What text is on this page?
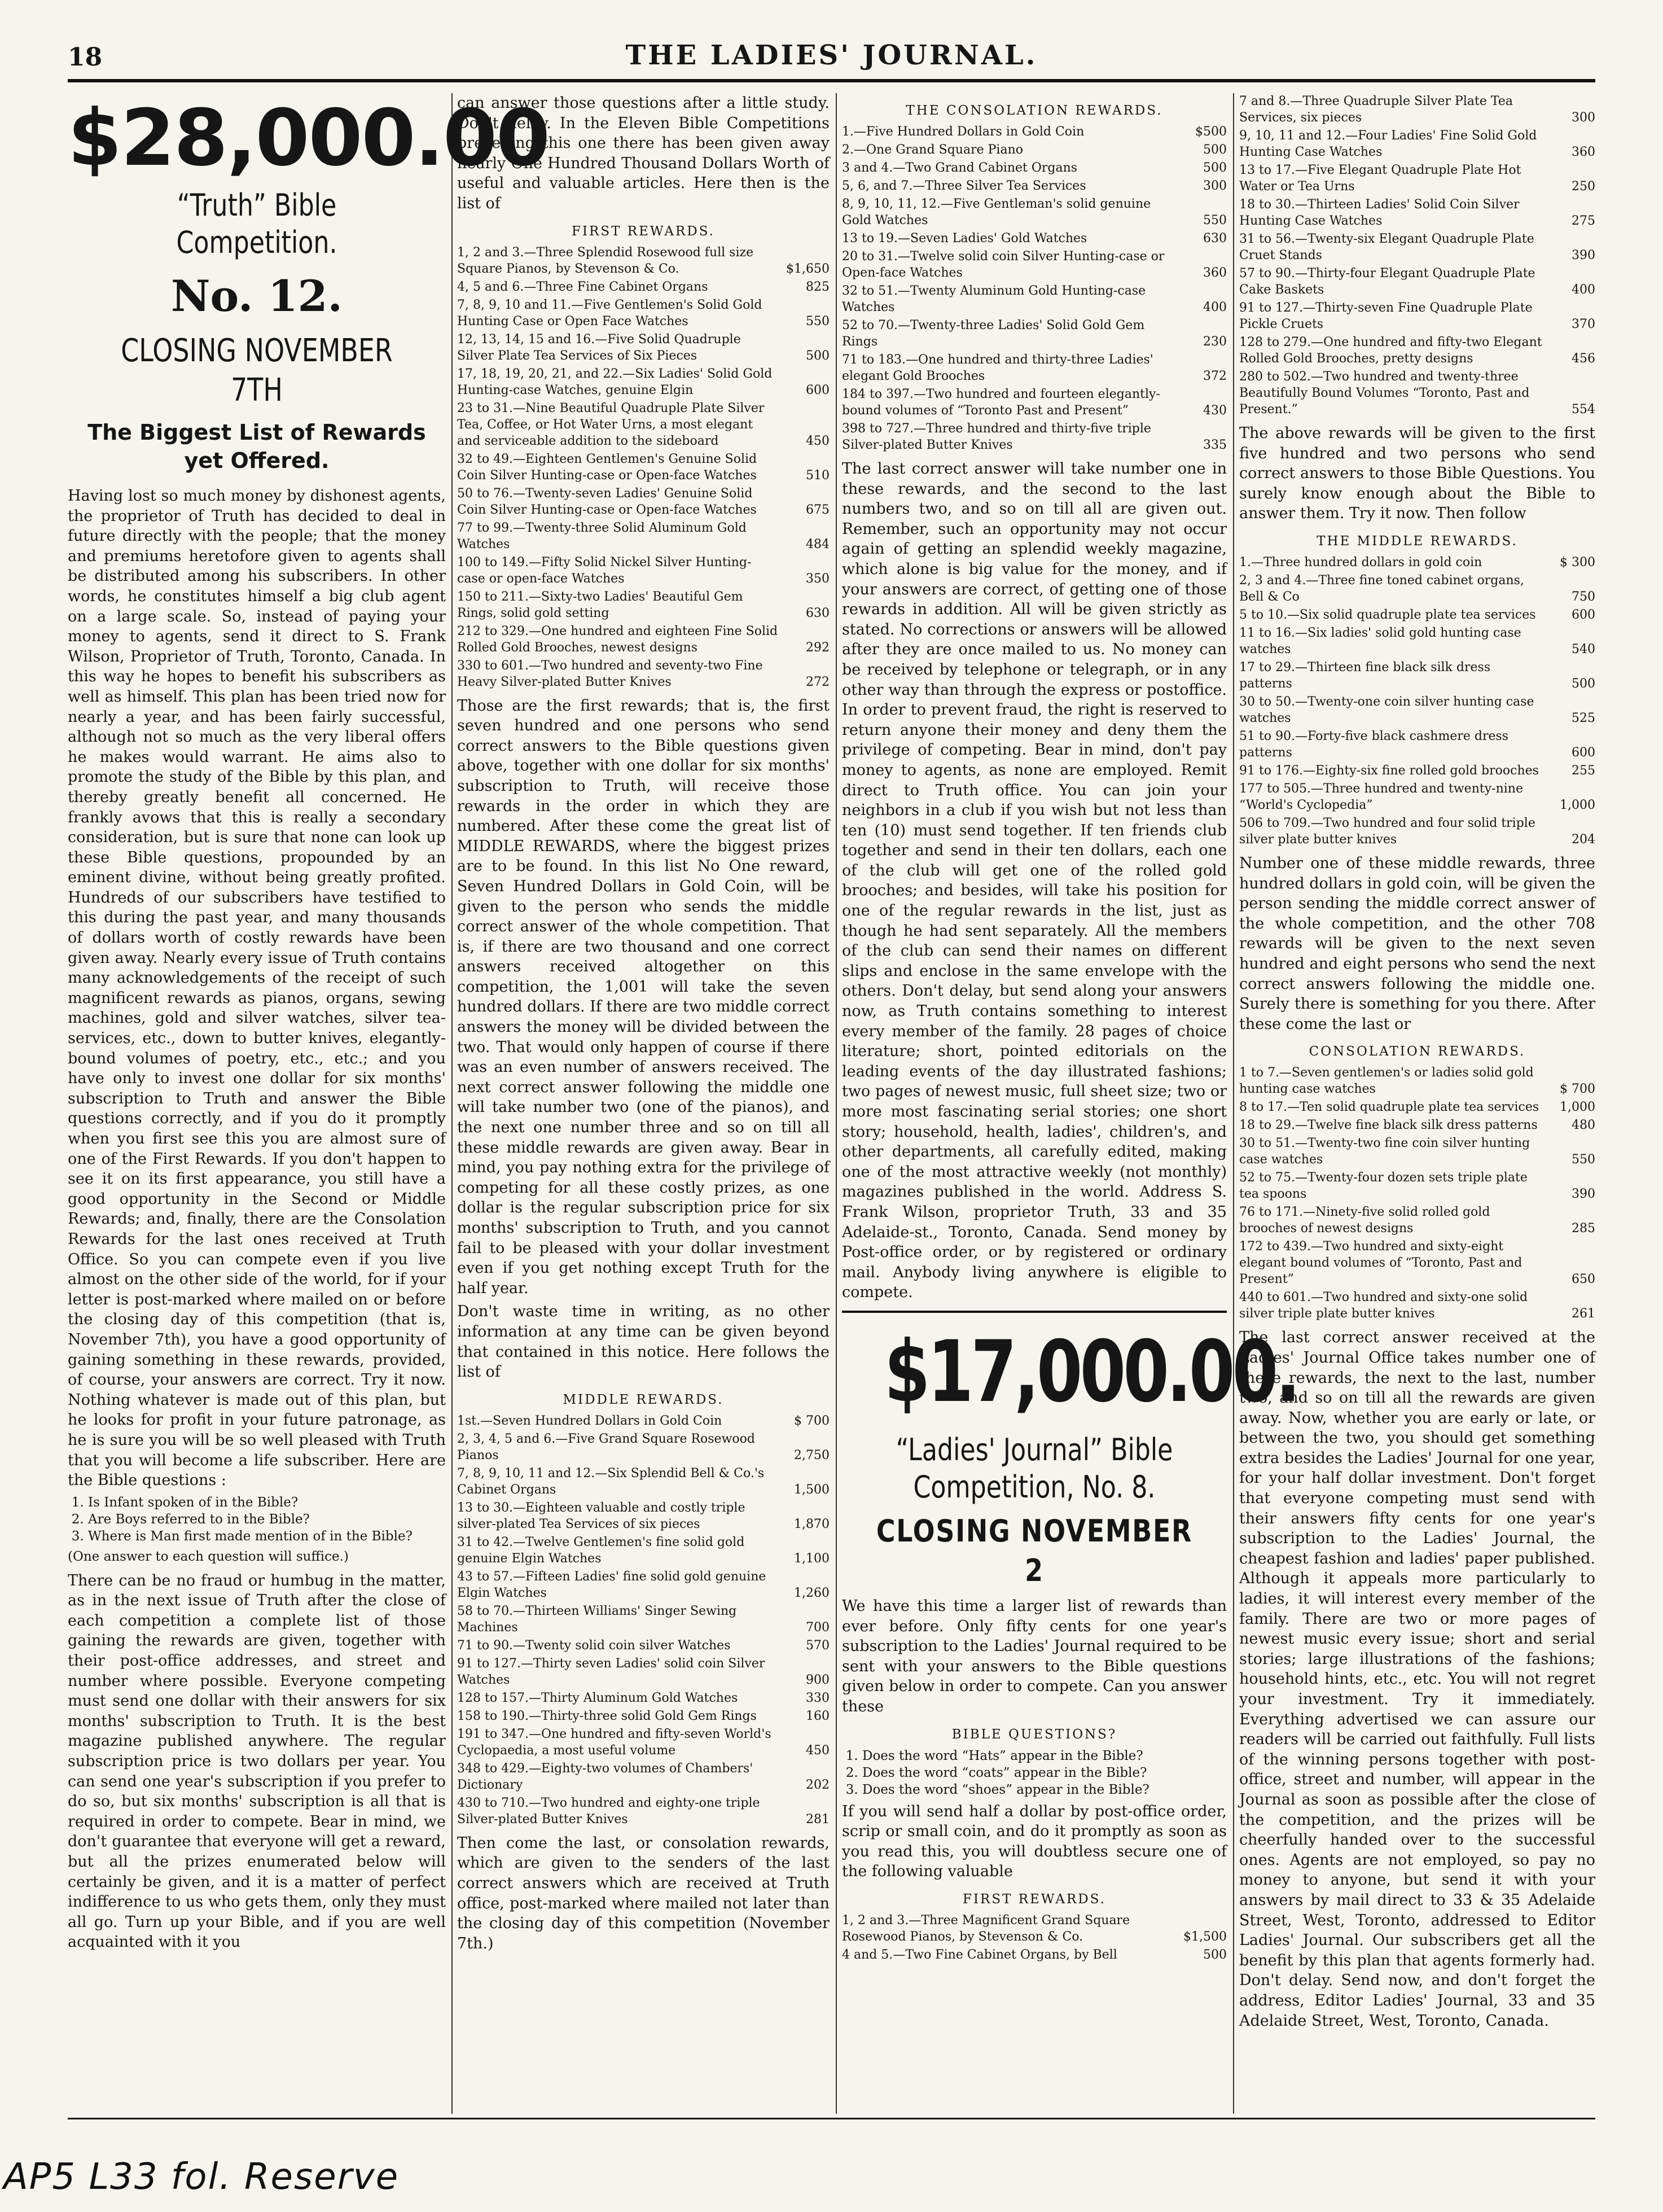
18	THE LADIES' JOURNAL.
$28,000.00
“Truth” Bible Competition.
No. 12.
CLOSING NOVEMBER 7TH
The Biggest List of Rewards yet Offered.

Having lost so much money by dishonest agents, the proprietor of Truth has decided to deal in future directly with the people; that the money and premiums heretofore given to agents shall be distributed among his subscribers. In other words, he constitutes himself a big club agent on a large scale. So, instead of paying your money to agents, send it direct to S. Frank Wilson, Proprietor of Truth, Toronto, Canada. In this way he hopes to benefit his subscribers as well as himself. This plan has been tried now for nearly a year, and has been fairly successful, although not so much as the very liberal offers he makes would warrant. He aims also to promote the study of the Bible by this plan, and thereby greatly benefit all concerned. He frankly avows that this is really a secondary consideration, but is sure that none can look up these Bible questions, propounded by an eminent divine, without being greatly profited. Hundreds of our subscribers have testified to this during the past year, and many thousands of dollars worth of costly rewards have been given away. Nearly every issue of Truth contains many acknowledgements of the receipt of such magnificent rewards as pianos, organs, sewing machines, gold and silver watches, silver tea-services, etc., down to butter knives, elegantly-bound volumes of poetry, etc., etc.; and you have only to invest one dollar for six months' subscription to Truth and answer the Bible questions correctly, and if you do it promptly when you first see this you are almost sure of one of the First Rewards. If you don't happen to see it on its first appearance, you still have a good opportunity in the Second or Middle Rewards; and, finally, there are the Consolation Rewards for the last ones received at Truth Office. So you can compete even if you live almost on the other side of the world, for if your letter is post-marked where mailed on or before the closing day of this competition (that is, November 7th), you have a good opportunity of gaining something in these rewards, provided, of course, your answers are correct. Try it now. Nothing whatever is made out of this plan, but he looks for profit in your future patronage, as he is sure you will be so well pleased with Truth that you will become a life subscriber. Here are the Bible questions :

1. Is Infant spoken of in the Bible?
2. Are Boys referred to in the Bible?
3. Where is Man first made mention of in the Bible?
(One answer to each question will suffice.)

There can be no fraud or humbug in the matter, as in the next issue of Truth after the close of each competition a complete list of those gaining the rewards are given, together with their post-office addresses, and street and number where possible. Everyone competing must send one dollar with their answers for six months' subscription to Truth. It is the best magazine published anywhere. The regular subscription price is two dollars per year. You can send one year's subscription if you prefer to do so, but six months' subscription is all that is required in order to compete. Bear in mind, we don't guarantee that everyone will get a reward, but all the prizes enumerated below will certainly be given, and it is a matter of perfect indifference to us who gets them, only they must all go. Turn up your Bible, and if you are well acquainted with it you

can answer those questions after a little study. Don't delay. In the Eleven Bible Competitions preceding this one there has been given away nearly One Hundred Thousand Dollars Worth of useful and valuable articles. Here then is the list of

FIRST REWARDS.
1, 2 and 3.—Three Splendid Rosewood full size Square Pianos, by Stevenson & Co.	$1,650
4, 5 and 6.—Three Fine Cabinet Organs	825
7, 8, 9, 10 and 11.—Five Gentlemen's Solid Gold Hunting Case or Open Face Watches	550
12, 13, 14, 15 and 16.—Five Solid Quadruple Silver Plate Tea Services of Six Pieces	500
17, 18, 19, 20, 21, and 22.—Six Ladies' Solid Gold Hunting-case Watches, genuine Elgin	600
23 to 31.—Nine Beautiful Quadruple Plate Silver Tea, Coffee, or Hot Water Urns, a most elegant and serviceable addition to the sideboard	450
32 to 49.—Eighteen Gentlemen's Genuine Solid Coin Silver Hunting-case or Open-face Watches	510
50 to 76.—Twenty-seven Ladies' Genuine Solid Coin Silver Hunting-case or Open-face Watches	675
77 to 99.—Twenty-three Solid Aluminum Gold Watches	484
100 to 149.—Fifty Solid Nickel Silver Hunting-case or open-face Watches	350
150 to 211.—Sixty-two Ladies' Beautiful Gem Rings, solid gold setting	630
212 to 329.—One hundred and eighteen Fine Solid Rolled Gold Brooches, newest designs	292
330 to 601.—Two hundred and seventy-two Fine Heavy Silver-plated Butter Knives	272

Those are the first rewards; that is, the first seven hundred and one persons who send correct answers to the Bible questions given above, together with one dollar for six months' subscription to Truth, will receive those rewards in the order in which they are numbered. After these come the great list of MIDDLE REWARDS, where the biggest prizes are to be found. In this list No One reward, Seven Hundred Dollars in Gold Coin, will be given to the person who sends the middle correct answer of the whole competition. That is, if there are two thousand and one correct answers received altogether on this competition, the 1,001 will take the seven hundred dollars. If there are two middle correct answers the money will be divided between the two. That would only happen of course if there was an even number of answers received. The next correct answer following the middle one will take number two (one of the pianos), and the next one number three and so on till all these middle rewards are given away. Bear in mind, you pay nothing extra for the privilege of competing for all these costly prizes, as one dollar is the regular subscription price for six months' subscription to Truth, and you cannot fail to be pleased with your dollar investment even if you get nothing except Truth for the half year.

Don't waste time in writing, as no other information at any time can be given beyond that contained in this notice. Here follows the list of

MIDDLE REWARDS.
1st.—Seven Hundred Dollars in Gold Coin	$ 700
2, 3, 4, 5 and 6.—Five Grand Square Rosewood Pianos	2,750
7, 8, 9, 10, 11 and 12.—Six Splendid Bell & Co.'s Cabinet Organs	1,500
13 to 30.—Eighteen valuable and costly triple silver-plated Tea Services of six pieces	1,870
31 to 42.—Twelve Gentlemen's fine solid gold genuine Elgin Watches	1,100
43 to 57.—Fifteen Ladies' fine solid gold genuine Elgin Watches	1,260
58 to 70.—Thirteen Williams' Singer Sewing Machines	700
71 to 90.—Twenty solid coin silver Watches	570
91 to 127.—Thirty seven Ladies' solid coin Silver Watches	900
128 to 157.—Thirty Aluminum Gold Watches	330
158 to 190.—Thirty-three solid Gold Gem Rings	160
191 to 347.—One hundred and fifty-seven World's Cyclopaedia, a most useful volume	450
348 to 429.—Eighty-two volumes of Chambers' Dictionary	202
430 to 710.—Two hundred and eighty-one triple Silver-plated Butter Knives	281

Then come the last, or consolation rewards, which are given to the senders of the last correct answers which are received at Truth office, post-marked where mailed not later than the closing day of this competition (November 7th.)

THE CONSOLATION REWARDS.
1.—Five Hundred Dollars in Gold Coin	$500
2.—One Grand Square Piano	500
3 and 4.—Two Grand Cabinet Organs	500
5, 6, and 7.—Three Silver Tea Services	300
8, 9, 10, 11, 12.—Five Gentleman's solid genuine Gold Watches	550
13 to 19.—Seven Ladies' Gold Watches	630
20 to 31.—Twelve solid coin Silver Hunting-case or Open-face Watches	360
32 to 51.—Twenty Aluminum Gold Hunting-case Watches	400
52 to 70.—Twenty-three Ladies' Solid Gold Gem Rings	230
71 to 183.—One hundred and thirty-three Ladies' elegant Gold Brooches	372
184 to 397.—Two hundred and fourteen elegantly-bound volumes of “Toronto Past and Present”	430
398 to 727.—Three hundred and thirty-five triple Silver-plated Butter Knives	335

The last correct answer will take number one in these rewards, and the second to the last numbers two, and so on till all are given out. Remember, such an opportunity may not occur again of getting an splendid weekly magazine, which alone is big value for the money, and if your answers are correct, of getting one of those rewards in addition. All will be given strictly as stated. No corrections or answers will be allowed after they are once mailed to us. No money can be received by telephone or telegraph, or in any other way than through the express or postoffice. In order to prevent fraud, the right is reserved to return anyone their money and deny them the privilege of competing. Bear in mind, don't pay money to agents, as none are employed. Remit direct to Truth office. You can join your neighbors in a club if you wish but not less than ten (10) must send together. If ten friends club together and send in their ten dollars, each one of the club will get one of the rolled gold brooches; and besides, will take his position for one of the regular rewards in the list, just as though he had sent separately. All the members of the club can send their names on different slips and enclose in the same envelope with the others. Don't delay, but send along your answers now, as Truth contains something to interest every member of the family. 28 pages of choice literature; short, pointed editorials on the leading events of the day illustrated fashions; two pages of newest music, full sheet size; two or more most fascinating serial stories; one short story; household, health, ladies', children's, and other departments, all carefully edited, making one of the most attractive weekly (not monthly) magazines published in the world. Address S. Frank Wilson, proprietor Truth, 33 and 35 Adelaide-st., Toronto, Canada. Send money by Post-office order, or by registered or ordinary mail. Anybody living anywhere is eligible to compete.

$17,000.00.
“Ladies' Journal” Bible Competition, No. 8.
CLOSING NOVEMBER 2

We have this time a larger list of rewards than ever before. Only fifty cents for one year's subscription to the Ladies' Journal required to be sent with your answers to the Bible questions given below in order to compete. Can you answer these

BIBLE QUESTIONS?
1. Does the word “Hats” appear in the Bible?
2. Does the word “coats” appear in the Bible?
3. Does the word “shoes” appear in the Bible?

If you will send half a dollar by post-office order, scrip or small coin, and do it promptly as soon as you read this, you will doubtless secure one of the following valuable

FIRST REWARDS.
1, 2 and 3.—Three Magnificent Grand Square Rosewood Pianos, by Stevenson & Co.	$1,500
4 and 5.—Two Fine Cabinet Organs, by Bell	500
7 and 8.—Three Quadruple Silver Plate Tea Services, six pieces	300
9, 10, 11 and 12.—Four Ladies' Fine Solid Gold Hunting Case Watches	360
13 to 17.—Five Elegant Quadruple Plate Hot Water or Tea Urns	250
18 to 30.—Thirteen Ladies' Solid Coin Silver Hunting Case Watches	275
31 to 56.—Twenty-six Elegant Quadruple Plate Cruet Stands	390
57 to 90.—Thirty-four Elegant Quadruple Plate Cake Baskets	400
91 to 127.—Thirty-seven Fine Quadruple Plate Pickle Cruets	370
128 to 279.—One hundred and fifty-two Elegant Rolled Gold Brooches, pretty designs	456
280 to 502.—Two hundred and twenty-three Beautifully Bound Volumes “Toronto, Past and Present.”	554

The above rewards will be given to the first five hundred and two persons who send correct answers to those Bible Questions. You surely know enough about the Bible to answer them. Try it now. Then follow

THE MIDDLE REWARDS.
1.—Three hundred dollars in gold coin	$ 300
2, 3 and 4.—Three fine toned cabinet organs, Bell & Co	750
5 to 10.—Six solid quadruple plate tea services	600
11 to 16.—Six ladies' solid gold hunting case watches	540
17 to 29.—Thirteen fine black silk dress patterns	500
30 to 50.—Twenty-one coin silver hunting case watches	525
51 to 90.—Forty-five black cashmere dress patterns	600
91 to 176.—Eighty-six fine rolled gold brooches	255
177 to 505.—Three hundred and twenty-nine “World's Cyclopedia”	1,000
506 to 709.—Two hundred and four solid triple silver plate butter knives	204

Number one of these middle rewards, three hundred dollars in gold coin, will be given the person sending the middle correct answer of the whole competition, and the other 708 rewards will be given to the next seven hundred and eight persons who send the next correct answers following the middle one. Surely there is something for you there. After these come the last or

CONSOLATION REWARDS.
1 to 7.—Seven gentlemen's or ladies solid gold hunting case watches	$ 700
8 to 17.—Ten solid quadruple plate tea services	1,000
18 to 29.—Twelve fine black silk dress patterns	480
30 to 51.—Twenty-two fine coin silver hunting case watches	550
52 to 75.—Twenty-four dozen sets triple plate tea spoons	390
76 to 171.—Ninety-five solid rolled gold brooches of newest designs	285
172 to 439.—Two hundred and sixty-eight elegant bound volumes of “Toronto, Past and Present”	650
440 to 601.—Two hundred and sixty-one solid silver triple plate butter knives	261

The last correct answer received at the Ladies' Journal Office takes number one of these rewards, the next to the last, number two, and so on till all the rewards are given away. Now, whether you are early or late, or between the two, you should get something extra besides the Ladies' Journal for one year, for your half dollar investment. Don't forget that everyone competing must send with their answers fifty cents for one year's subscription to the Ladies' Journal, the cheapest fashion and ladies' paper published. Although it appeals more particularly to ladies, it will interest every member of the family. There are two or more pages of newest music every issue; short and serial stories; large illustrations of the fashions; household hints, etc., etc. You will not regret your investment. Try it immediately. Everything advertised we can assure our readers will be carried out faithfully. Full lists of the winning persons together with post-office, street and number, will appear in the Journal as soon as possible after the close of the competition, and the prizes will be cheerfully handed over to the successful ones. Agents are not employed, so pay no money to anyone, but send it with your answers by mail direct to 33 & 35 Adelaide Street, West, Toronto, addressed to Editor Ladies' Journal. Our subscribers get all the benefit by this plan that agents formerly had. Don't delay. Send now, and don't forget the address, Editor Ladies' Journal, 33 and 35 Adelaide Street, West, Toronto, Canada.

AP5 L33 fol. Reserve
